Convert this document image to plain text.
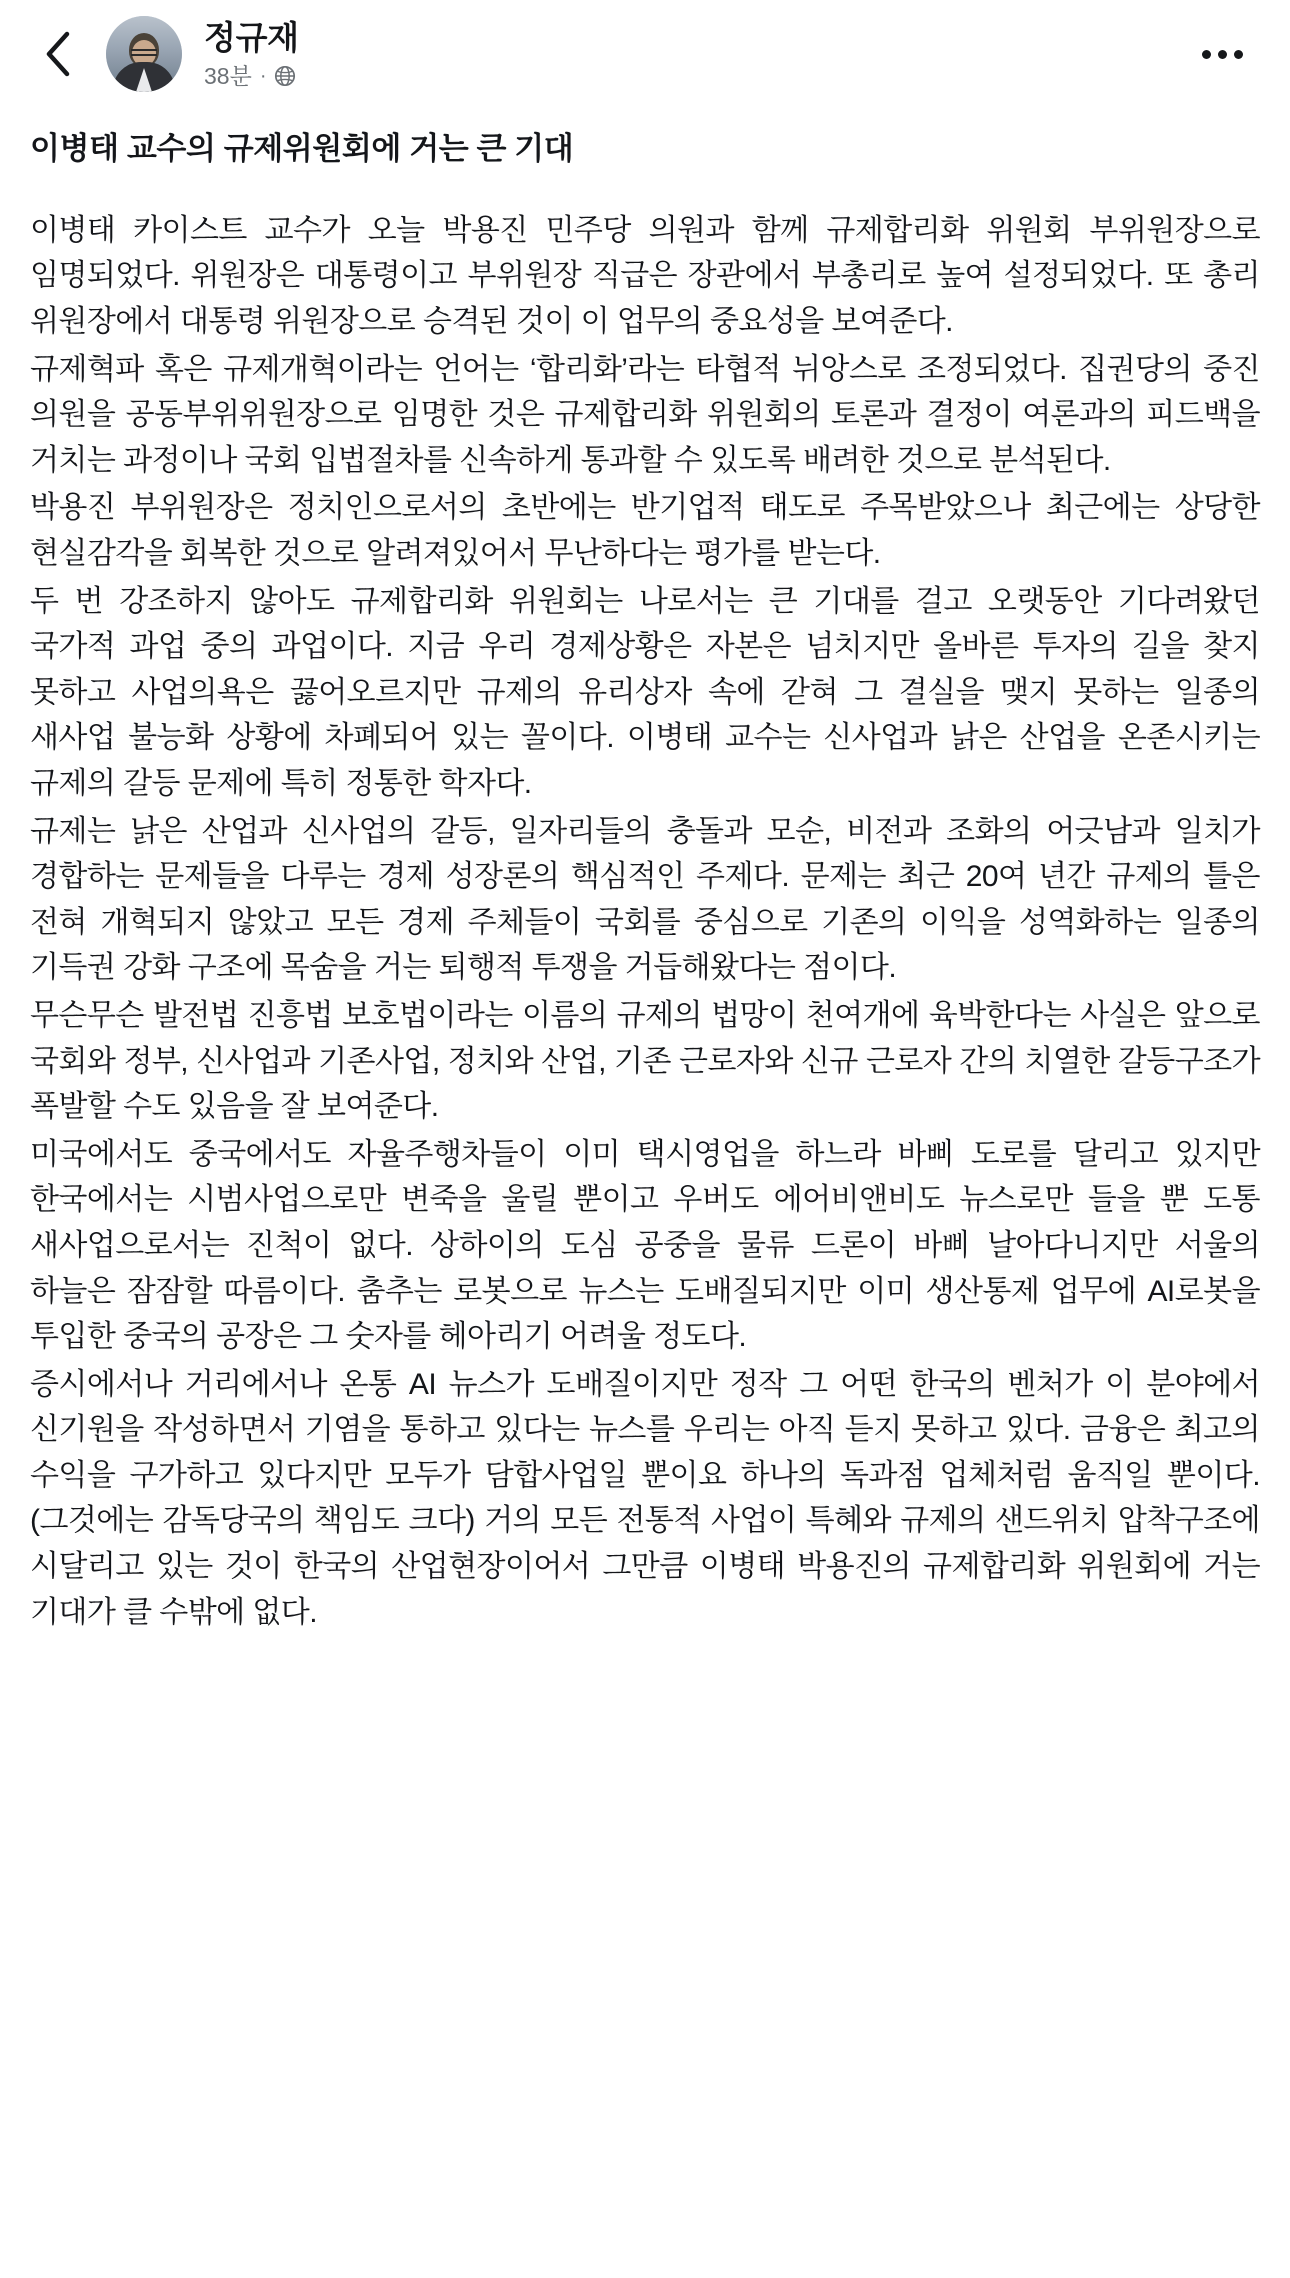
정규재
38분 ·
이병태 교수의 규제위원회에 거는 큰 기대

이병태 카이스트 교수가 오늘 박용진 민주당 의원과 함께 규제합리화 위원회 부위원장으로 임명되었다. 위원장은 대통령이고 부위원장 직급은 장관에서 부총리로 높여 설정되었다. 또 총리 위원장에서 대통령 위원장으로 승격된 것이 이 업무의 중요성을 보여준다.

규제혁파 혹은 규제개혁이라는 언어는 ‘합리화’라는 타협적 뉘앙스로 조정되었다. 집권당의 중진 의원을 공동부위위원장으로 임명한 것은 규제합리화 위원회의 토론과 결정이 여론과의 피드백을 거치는 과정이나 국회 입법절차를 신속하게 통과할 수 있도록 배려한 것으로 분석된다.

박용진 부위원장은 정치인으로서의 초반에는 반기업적 태도로 주목받았으나 최근에는 상당한 현실감각을 회복한 것으로 알려져있어서 무난하다는 평가를 받는다.

두 번 강조하지 않아도 규제합리화 위원회는 나로서는 큰 기대를 걸고 오랫동안 기다려왔던 국가적 과업 중의 과업이다. 지금 우리 경제상황은 자본은 넘치지만 올바른 투자의 길을 찾지 못하고 사업의욕은 끓어오르지만 규제의 유리상자 속에 갇혀 그 결실을 맺지 못하는 일종의 새사업 불능화 상황에 차폐되어 있는 꼴이다. 이병태 교수는 신사업과 낡은 산업을 온존시키는 규제의 갈등 문제에 특히 정통한 학자다.

규제는 낡은 산업과 신사업의 갈등, 일자리들의 충돌과 모순, 비전과 조화의 어긋남과 일치가 경합하는 문제들을 다루는 경제 성장론의 핵심적인 주제다. 문제는 최근 20여 년간 규제의 틀은 전혀 개혁되지 않았고 모든 경제 주체들이 국회를 중심으로 기존의 이익을 성역화하는 일종의 기득권 강화 구조에 목숨을 거는 퇴행적 투쟁을 거듭해왔다는 점이다.

무슨무슨 발전법 진흥법 보호법이라는 이름의 규제의 법망이 천여개에 육박한다는 사실은 앞으로 국회와 정부, 신사업과 기존사업, 정치와 산업, 기존 근로자와 신규 근로자 간의 치열한 갈등구조가 폭발할 수도 있음을 잘 보여준다.

미국에서도 중국에서도 자율주행차들이 이미 택시영업을 하느라 바삐 도로를 달리고 있지만 한국에서는 시범사업으로만 변죽을 울릴 뿐이고 우버도 에어비앤비도 뉴스로만 들을 뿐 도통 새사업으로서는 진척이 없다. 상하이의 도심 공중을 물류 드론이 바삐 날아다니지만 서울의 하늘은 잠잠할 따름이다. 춤추는 로봇으로 뉴스는 도배질되지만 이미 생산통제 업무에 AI로봇을 투입한 중국의 공장은 그 숫자를 헤아리기 어려울 정도다.

증시에서나 거리에서나 온통 AI 뉴스가 도배질이지만 정작 그 어떤 한국의 벤처가 이 분야에서 신기원을 작성하면서 기염을 통하고 있다는 뉴스를 우리는 아직 듣지 못하고 있다. 금융은 최고의 수익을 구가하고 있다지만 모두가 담합사업일 뿐이요 하나의 독과점 업체처럼 움직일 뿐이다. (그것에는 감독당국의 책임도 크다) 거의 모든 전통적 사업이 특혜와 규제의 샌드위치 압착구조에 시달리고 있는 것이 한국의 산업현장이어서 그만큼 이병태 박용진의 규제합리화 위원회에 거는 기대가 클 수밖에 없다.
